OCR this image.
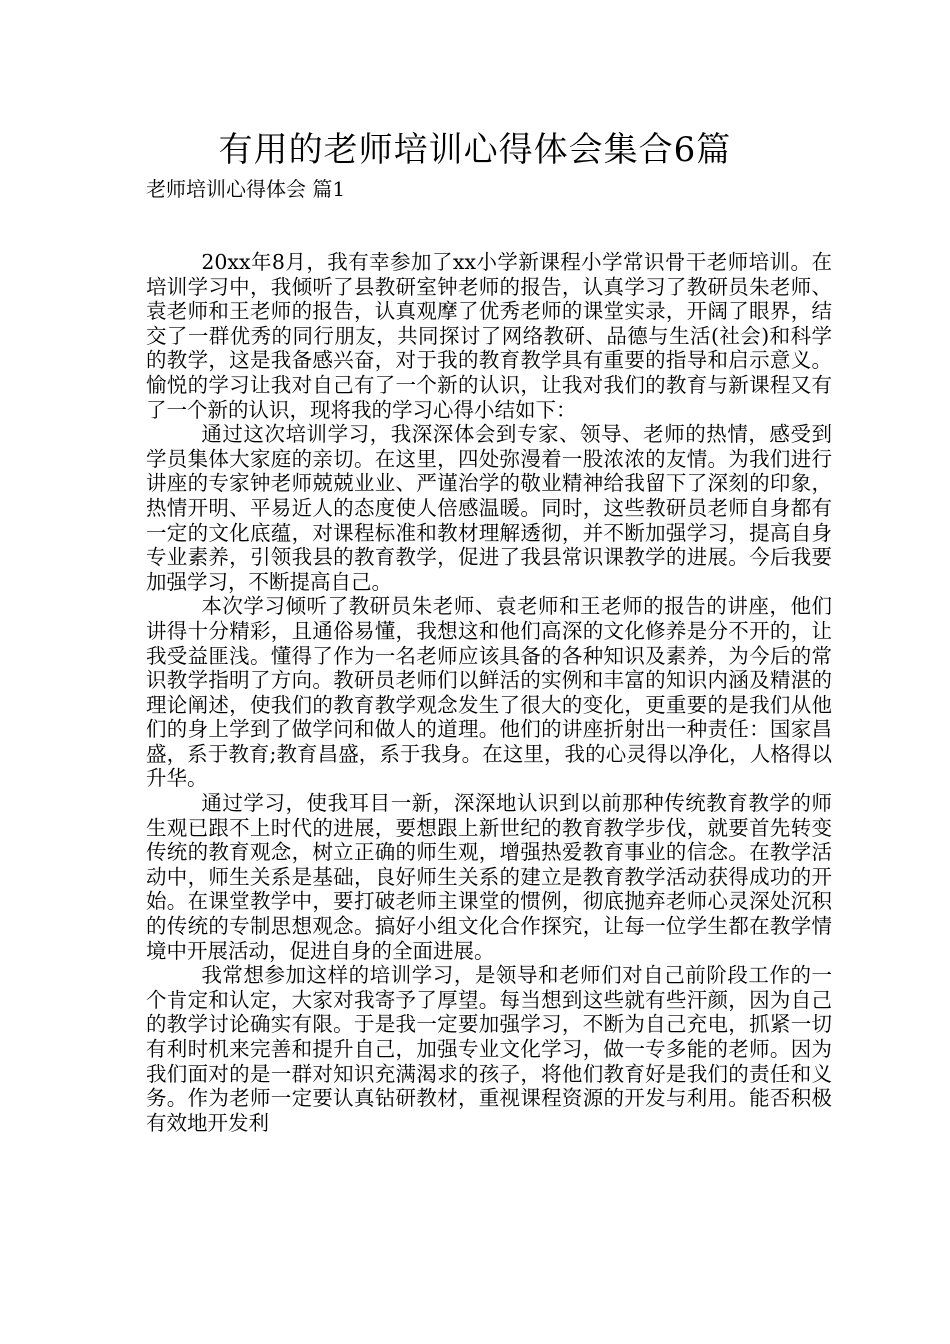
有用的老师培训心得体会集合6篇
老师培训心得体会 篇1

20xx年8月，我有幸参加了xx小学新课程小学常识骨干老师培训。在培训学习中，我倾听了县教研室钟老师的报告，认真学习了教研员朱老师、袁老师和王老师的报告，认真观摩了优秀老师的课堂实录，开阔了眼界，结交了一群优秀的同行朋友，共同探讨了网络教研、品德与生活(社会)和科学的教学，这是我备感兴奋，对于我的教育教学具有重要的指导和启示意义。愉悦的学习让我对自己有了一个新的认识，让我对我们的教育与新课程又有了一个新的认识，现将我的学习心得小结如下：

通过这次培训学习，我深深体会到专家、领导、老师的热情，感受到学员集体大家庭的亲切。在这里，四处弥漫着一股浓浓的友情。为我们进行讲座的专家钟老师兢兢业业、严谨治学的敬业精神给我留下了深刻的印象，热情开明、平易近人的态度使人倍感温暖。同时，这些教研员老师自身都有一定的文化底蕴，对课程标准和教材理解透彻，并不断加强学习，提高自身专业素养，引领我县的教育教学，促进了我县常识课教学的进展。今后我要加强学习，不断提高自己。

本次学习倾听了教研员朱老师、袁老师和王老师的报告的讲座，他们讲得十分精彩，且通俗易懂，我想这和他们高深的文化修养是分不开的，让我受益匪浅。懂得了作为一名老师应该具备的各种知识及素养，为今后的常识教学指明了方向。教研员老师们以鲜活的实例和丰富的知识内涵及精湛的理论阐述，使我们的教育教学观念发生了很大的变化，更重要的是我们从他们的身上学到了做学问和做人的道理。他们的讲座折射出一种责任：国家昌盛，系于教育;教育昌盛，系于我身。在这里，我的心灵得以净化，人格得以升华。

通过学习，使我耳目一新，深深地认识到以前那种传统教育教学的师生观已跟不上时代的进展，要想跟上新世纪的教育教学步伐，就要首先转变传统的教育观念，树立正确的师生观，增强热爱教育事业的信念。在教学活动中，师生关系是基础，良好师生关系的建立是教育教学活动获得成功的开始。在课堂教学中，要打破老师主课堂的惯例，彻底抛弃老师心灵深处沉积的传统的专制思想观念。搞好小组文化合作探究，让每一位学生都在教学情境中开展活动，促进自身的全面进展。

我常想参加这样的培训学习，是领导和老师们对自己前阶段工作的一个肯定和认定，大家对我寄予了厚望。每当想到这些就有些汗颜，因为自己的教学讨论确实有限。于是我一定要加强学习，不断为自己充电，抓紧一切有利时机来完善和提升自己，加强专业文化学习，做一专多能的老师。因为我们面对的是一群对知识充满渴求的孩子，将他们教育好是我们的责任和义务。作为老师一定要认真钻研教材，重视课程资源的开发与利用。能否积极有效地开发利
